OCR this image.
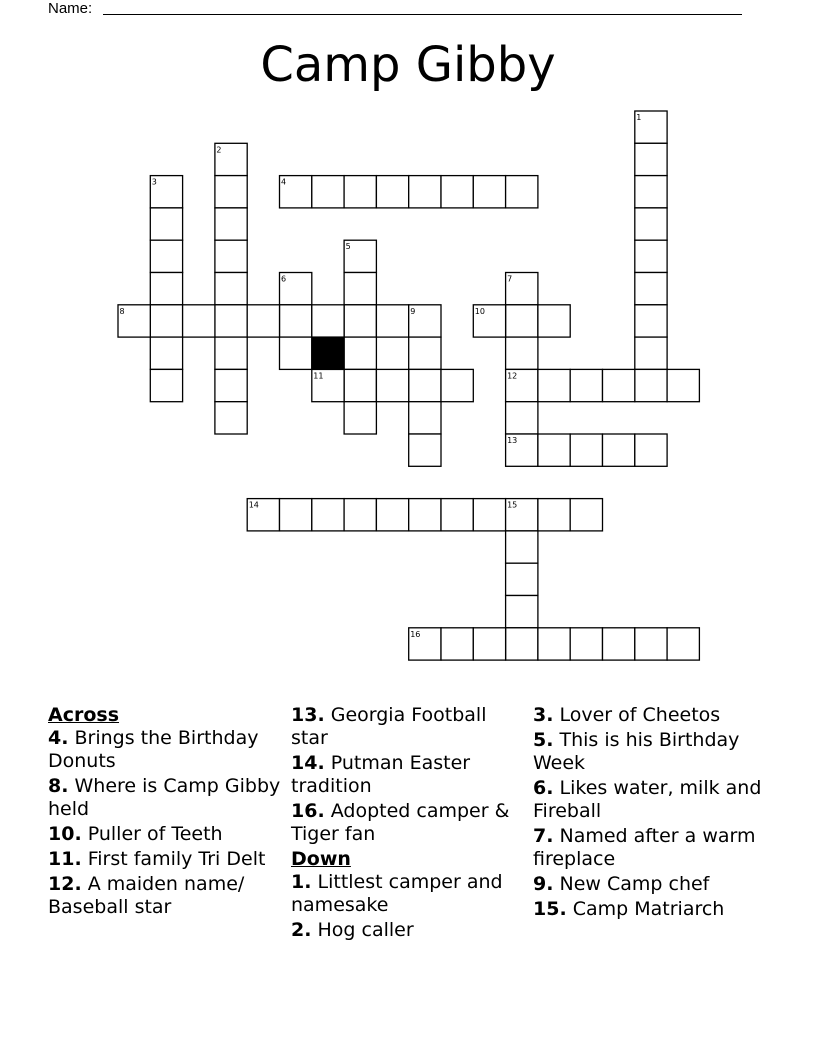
Name:
Camp Gibby
1
2
3	4
5
6	7
8	9	10
11	12
13
14	15
16
Across
4. Brings the Birthday Donuts
8. Where is Camp Gibby held
10. Puller of Teeth
11. First family Tri Delt
12. A maiden name/ Baseball star
13. Georgia Football star
14. Putman Easter tradition
16. Adopted camper & Tiger fan
Down
1. Littlest camper and namesake
2. Hog caller
3. Lover of Cheetos
5. This is his Birthday Week
6. Likes water, milk and Fireball
7. Named after a warm fireplace
9. New Camp chef
15. Camp Matriarch
